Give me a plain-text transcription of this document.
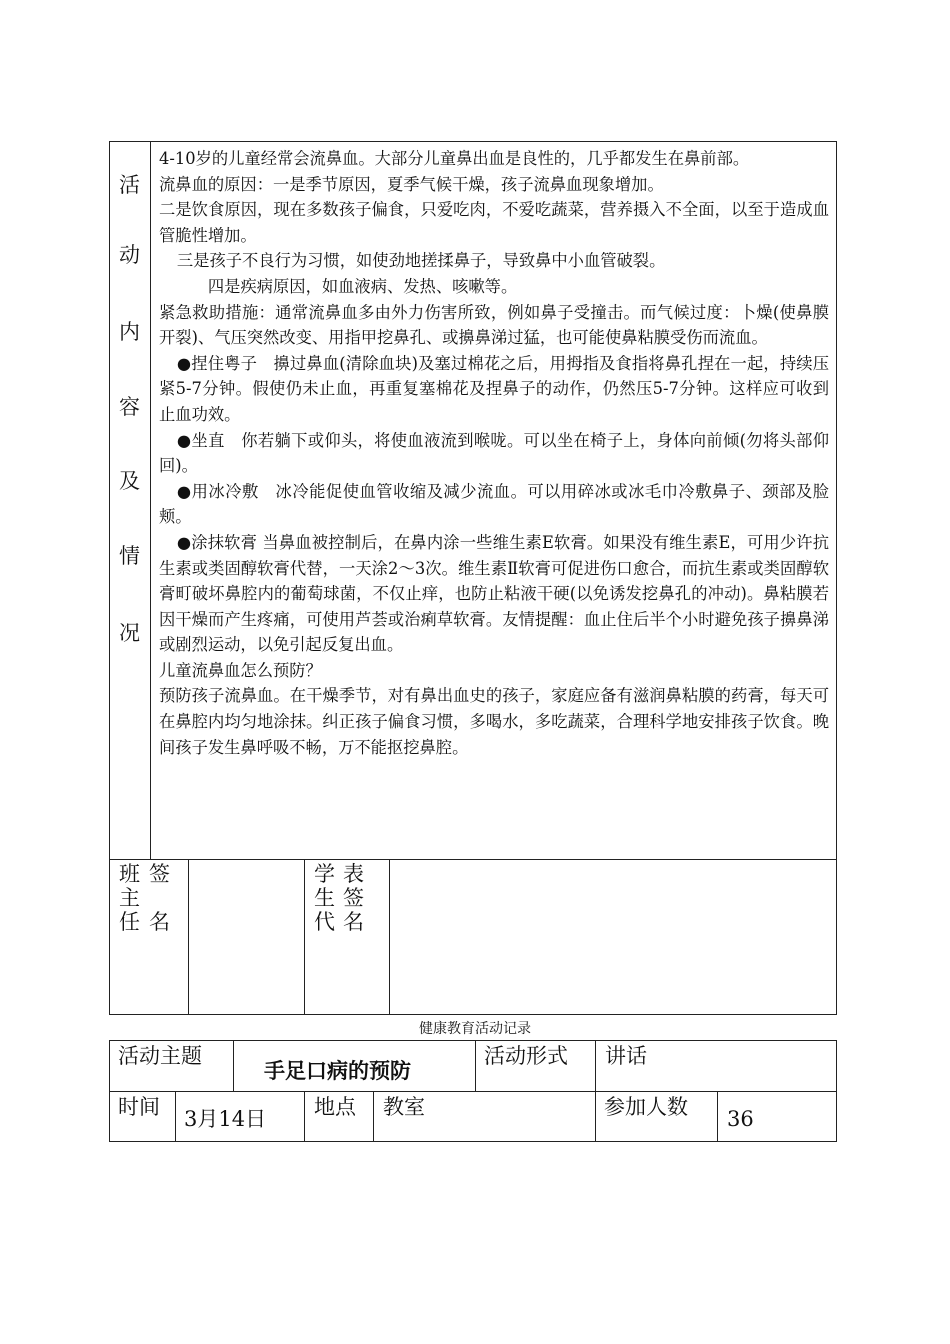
活
动
内
容
及
情
况

4-10岁的儿童经常会流鼻血。大部分儿童鼻出血是良性的，几乎都发生在鼻前部。

流鼻血的原因：一是季节原因，夏季气候干燥，孩子流鼻血现象增加。

二是饮食原因，现在多数孩子偏食，只爱吃肉，不爱吃蔬菜，营养摄入不全面，以至于造成血管脆性增加。

三是孩子不良行为习惯，如使劲地搓揉鼻子，导致鼻中小血管破裂。

四是疾病原因，如血液病、发热、咳嗽等。

紧急救助措施：通常流鼻血多由外力伤害所致，例如鼻子受撞击。而气候过度：卜燥(使鼻膜开裂)、气压突然改变、用指甲挖鼻孔、或擤鼻涕过猛，也可能使鼻粘膜受伤而流血。

●捏住粤子　擤过鼻血(清除血块)及塞过棉花之后，用拇指及食指将鼻孔捏在一起，持续压紧5-7分钟。假使仍未止血，再重复塞棉花及捏鼻子的动作，仍然压5-7分钟。这样应可收到止血功效。

●坐直　你若躺下或仰头，将使血液流到喉咙。可以坐在椅子上，身体向前倾(勿将头部仰回)。

●用冰冷敷　冰冷能促使血管收缩及减少流血。可以用碎冰或冰毛巾冷敷鼻子、颈部及脸颊。

●涂抹软膏 当鼻血被控制后，在鼻内涂一些维生素E软膏。如果没有维生素E，可用少许抗生素或类固醇软膏代替，一天涂2～3次。维生素Ⅱ软膏可促进伤口愈合，而抗生素或类固醇软膏町破坏鼻腔内的葡萄球菌，不仅止痒，也防止粘液干硬(以免诱发挖鼻孔的冲动)。鼻粘膜若因干燥而产生疼痛，可使用芦荟或治痢草软膏。友情提醒：血止住后半个小时避免孩子擤鼻涕或剧烈运动，以免引起反复出血。

儿童流鼻血怎么预防？

预防孩子流鼻血。在干燥季节，对有鼻出血史的孩子，家庭应备有滋润鼻粘膜的药膏，每天可在鼻腔内均匀地涂抹。纠正孩子偏食习惯，多喝水，多吃蔬菜，合理科学地安排孩子饮食。晚间孩子发生鼻呼吸不畅，万不能抠挖鼻腔。

班
主
任
签
名
学
生
代
表
签
名
健康教育活动记录
活动主题
手足口病的预防
活动形式 讲话
时间 3月14日 地点 教室	参加人数 36
